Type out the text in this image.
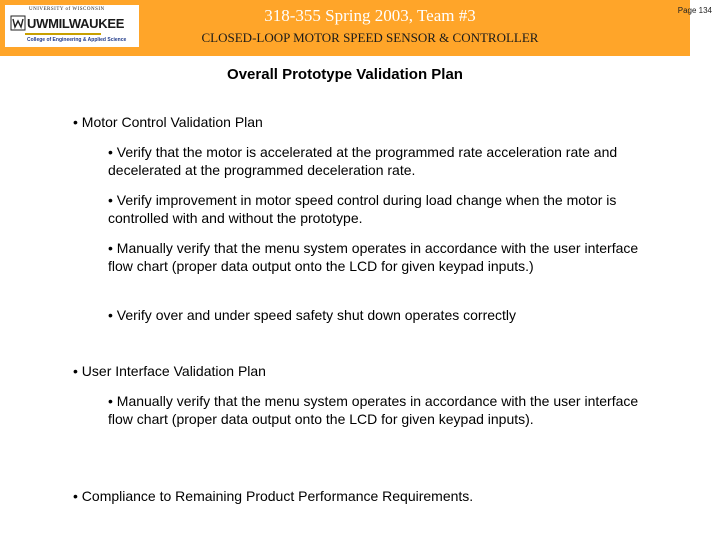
UNIVERSITY of WISCONSIN
UWMILWAUKEE
College of Engineering & Applied Science
318-355 Spring 2003, Team #3
CLOSED-LOOP MOTOR SPEED SENSOR & CONTROLLER
Page 134
Overall Prototype Validation Plan
• Motor Control Validation Plan
• Verify that the motor is accelerated at the programmed rate acceleration rate and decelerated at the programmed deceleration rate.
• Verify improvement in motor speed control during load change when the motor is controlled with and without the prototype.
• Manually verify that the menu system operates in accordance with the user interface flow chart (proper data output onto the LCD for given keypad inputs.)
• Verify over and under speed safety shut down operates correctly
• User Interface Validation Plan
• Manually verify that the menu system operates in accordance with the user interface flow chart (proper data output onto the LCD for given keypad inputs).
• Compliance to Remaining Product Performance Requirements.
